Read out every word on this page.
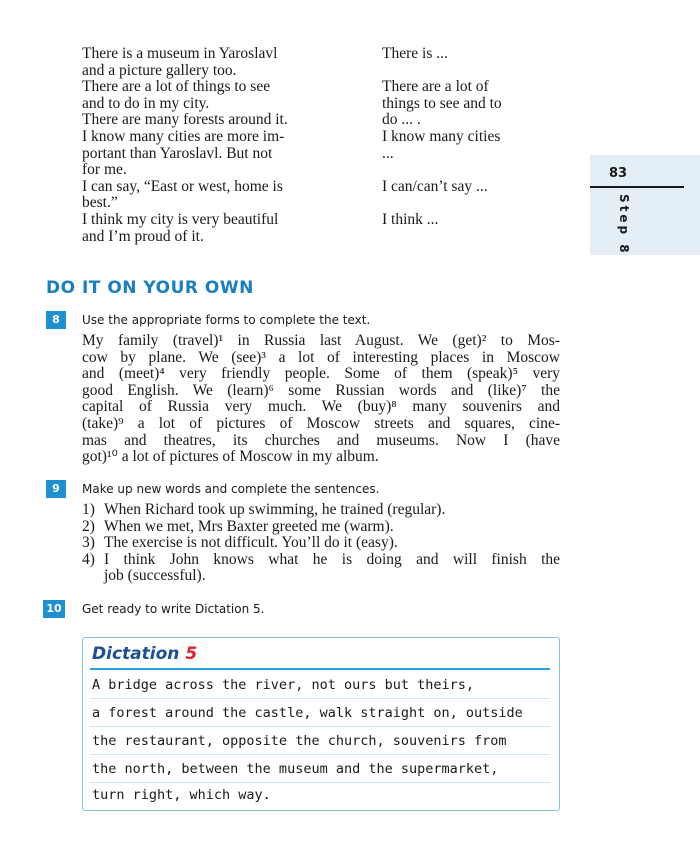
There is a museum in Yaroslavl
and a picture gallery too.
There are a lot of things to see
and to do in my city.
There are many forests around it.
I know many cities are more im-
portant than Yaroslavl. But not
for me.
I can say, “East or west, home is
best.”
I think my city is very beautiful
and I’m proud of it.
There is ...
There are a lot of
things to see and to
do ... .
I know many cities
...
I can/can’t say ...
I think ...
83
Step 8
DO IT ON YOUR OWN
8	Use the appropriate forms to complete the text.
My family (travel)¹ in Russia last August. We (get)² to Mos-
cow by plane. We (see)³ a lot of interesting places in Moscow
and (meet)⁴ very friendly people. Some of them (speak)⁵ very
good English. We (learn)⁶ some Russian words and (like)⁷ the
capital of Russia very much. We (buy)⁸ many souvenirs and
(take)⁹ a lot of pictures of Moscow streets and squares, cine-
mas and theatres, its churches and museums. Now I (have
got)¹⁰ a lot of pictures of Moscow in my album.
9	Make up new words and complete the sentences.
1) When Richard took up swimming, he trained (regular).
2) When we met, Mrs Baxter greeted me (warm).
3) The exercise is not difficult. You’ll do it (easy).
4) I think John knows what he is doing and will finish the
job (successful).
10 Get ready to write Dictation 5.
Dictation 5
A bridge across the river, not ours but theirs,
a forest around the castle, walk straight on, outside
the restaurant, opposite the church, souvenirs from
the north, between the museum and the supermarket,
turn right, which way.
